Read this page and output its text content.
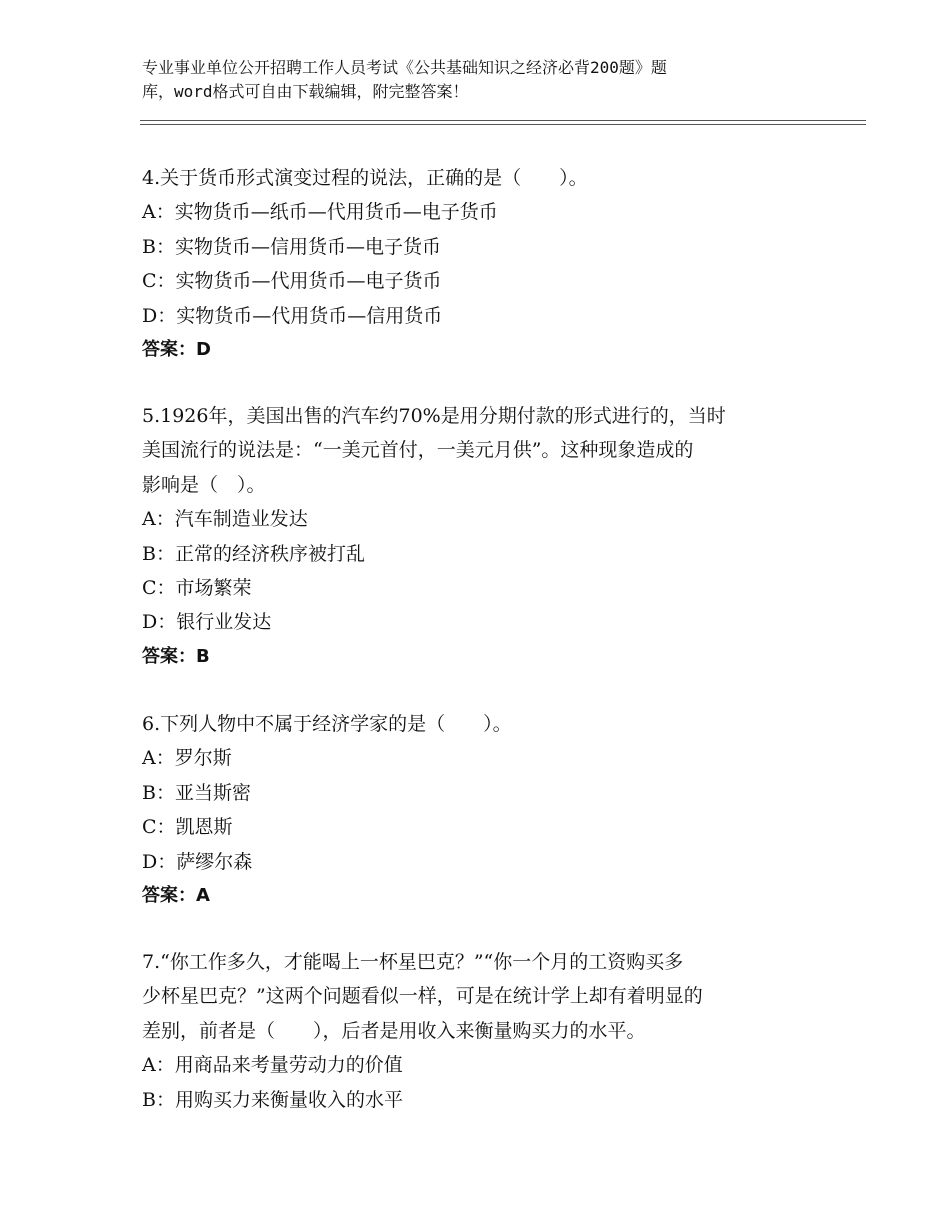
专业事业单位公开招聘工作人员考试《公共基础知识之经济必背200题》题
库，word格式可自由下载编辑，附完整答案！
4.关于货币形式演变过程的说法，正确的是（　　）。
A：实物货币—纸币—代用货币—电子货币
B：实物货币—信用货币—电子货币
C：实物货币—代用货币—电子货币
D：实物货币—代用货币—信用货币
答案：D
5.1926年，美国出售的汽车约70%是用分期付款的形式进行的，当时
美国流行的说法是：“一美元首付，一美元月供”。这种现象造成的
影响是（　）。
A：汽车制造业发达
B：正常的经济秩序被打乱
C：市场繁荣
D：银行业发达
答案：B
6.下列人物中不属于经济学家的是（　　）。
A：罗尔斯
B：亚当斯密
C：凯恩斯
D：萨缪尔森
答案：A
7.“你工作多久，才能喝上一杯星巴克？”“你一个月的工资购买多
少杯星巴克？”这两个问题看似一样，可是在统计学上却有着明显的
差别，前者是（　　），后者是用收入来衡量购买力的水平。
A：用商品来考量劳动力的价值
B：用购买力来衡量收入的水平
